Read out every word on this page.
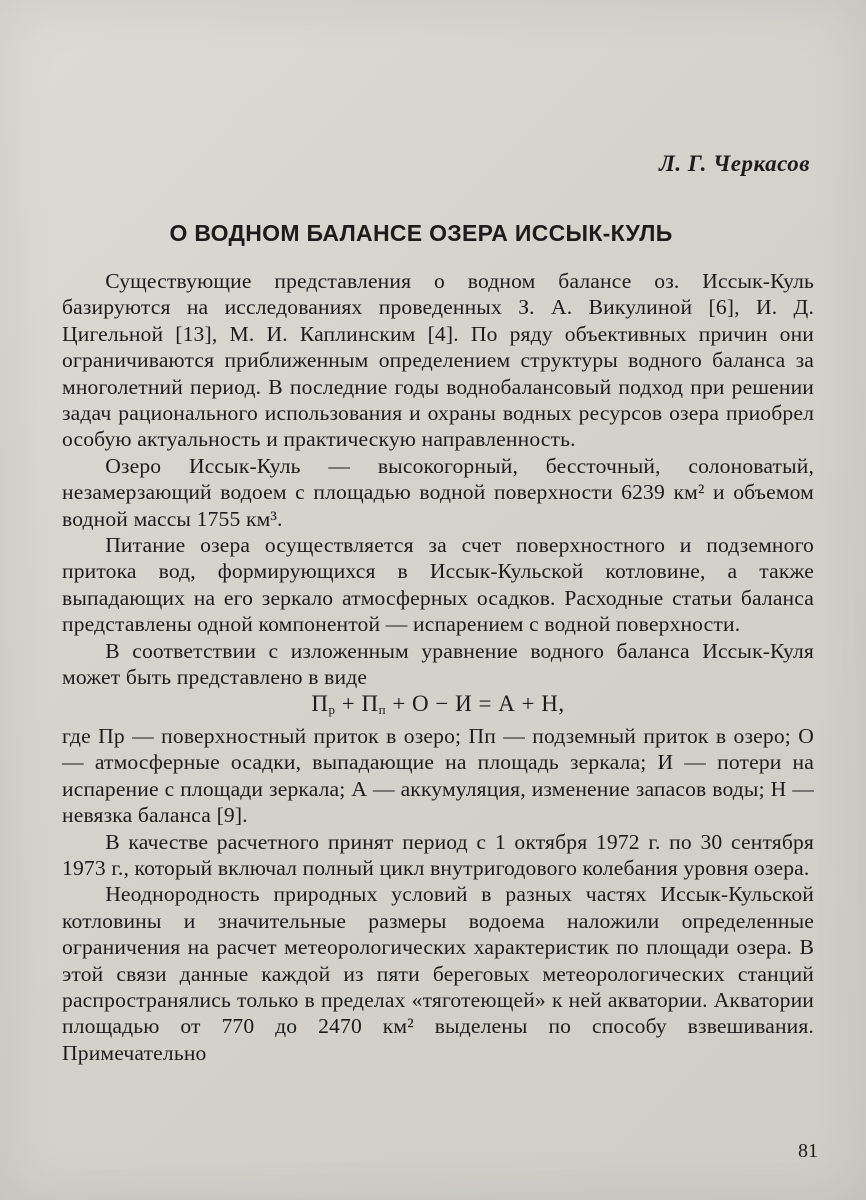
Л. Г. Черкасов

О ВОДНОМ БАЛАНСЕ ОЗЕРА ИССЫК-КУЛЬ

Существующие представления о водном балансе оз. Иссык-Куль базируются на исследованиях проведенных З. А. Викулиной [6], И. Д. Цигельной [13], М. И. Каплинским [4]. По ряду объективных причин они ограничиваются приближенным определением структуры водного баланса за многолетний период. В последние годы воднобалансовый подход при решении задач рационального использования и охраны водных ресурсов озера приобрел особую актуальность и практическую направленность.

Озеро Иссык-Куль — высокогорный, бессточный, солоноватый, незамерзающий водоем с площадью водной поверхности 6239 км² и объемом водной массы 1755 км³.

Питание озера осуществляется за счет поверхностного и подземного притока вод, формирующихся в Иссык-Кульской котловине, а также выпадающих на его зеркало атмосферных осадков. Расходные статьи баланса представлены одной компонентой — испарением с водной поверхности.

В соответствии с изложенным уравнение водного баланса Иссык-Куля может быть представлено в виде

$П_р + П_п + О - И = А + Н$,

где Пр — поверхностный приток в озеро; Пп — подземный приток в озеро; О — атмосферные осадки, выпадающие на площадь зеркала; И — потери на испарение с площади зеркала; А — аккумуляция, изменение запасов воды; Н — невязка баланса [9].

В качестве расчетного принят период с 1 октября 1972 г. по 30 сентября 1973 г., который включал полный цикл внутригодового колебания уровня озера.

Неоднородность природных условий в разных частях Иссык-Кульской котловины и значительные размеры водоема наложили определенные ограничения на расчет метеорологических характеристик по площади озера. В этой связи данные каждой из пяти береговых метеорологических станций распространялись только в пределах «тяготеющей» к ней акватории. Акватории площадью от 770 до 2470 км² выделены по способу взвешивания. Примечательно

81
